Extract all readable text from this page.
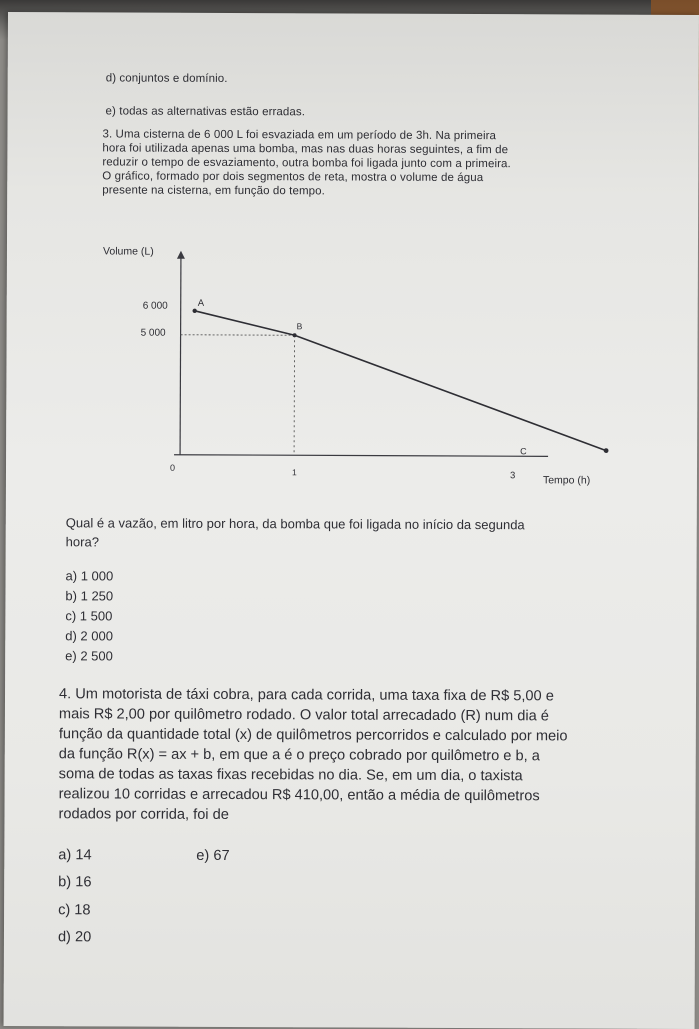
d) conjuntos e domínio.
e) todas as alternativas estão erradas.
3. Uma cisterna de 6 000 L foi esvaziada em um período de 3h. Na primeira
hora foi utilizada apenas uma bomba, mas nas duas horas seguintes, a fim de
reduzir o tempo de esvaziamento, outra bomba foi ligada junto com a primeira.
O gráfico, formado por dois segmentos de reta, mostra o volume de água
presente na cisterna, em função do tempo.
Volume (L)
Tempo (h)
6 000
5 000
0	1	3
A
B
C
Qual é a vazão, em litro por hora, da bomba que foi ligada no início da segunda
hora?
a) 1 000
b) 1 250
c) 1 500
d) 2 000
e) 2 500
4. Um motorista de táxi cobra, para cada corrida, uma taxa fixa de R$ 5,00 e
mais R$ 2,00 por quilômetro rodado. O valor total arrecadado (R) num dia é
função da quantidade total (x) de quilômetros percorridos e calculado por meio
da função R(x) = ax + b, em que a é o preço cobrado por quilômetro e b, a
soma de todas as taxas fixas recebidas no dia. Se, em um dia, o taxista
realizou 10 corridas e arrecadou R$ 410,00, então a média de quilômetros
rodados por corrida, foi de
a) 14
b) 16
c) 18
d) 20
e) 67
